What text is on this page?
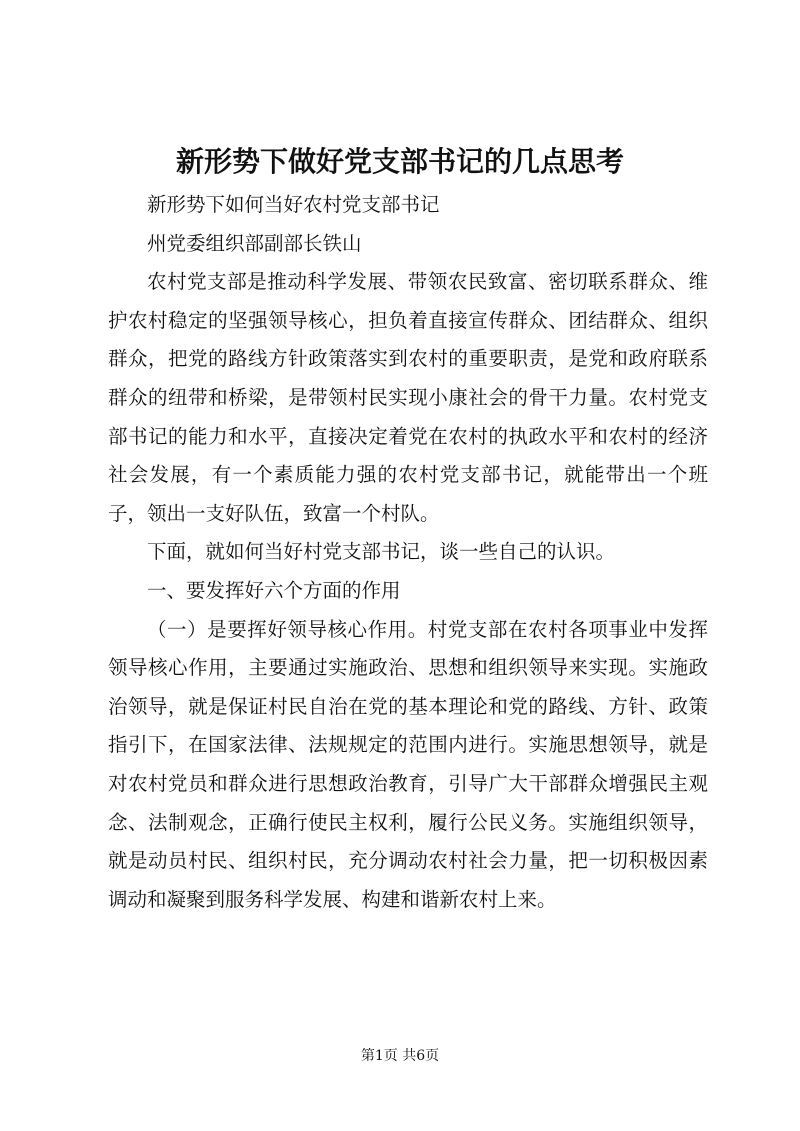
新形势下做好党支部书记的几点思考

新形势下如何当好农村党支部书记

州党委组织部副部长铁山

农村党支部是推动科学发展、带领农民致富、密切联系群众、维护农村稳定的坚强领导核心，担负着直接宣传群众、团结群众、组织群众，把党的路线方针政策落实到农村的重要职责，是党和政府联系群众的纽带和桥梁，是带领村民实现小康社会的骨干力量。农村党支部书记的能力和水平，直接决定着党在农村的执政水平和农村的经济社会发展，有一个素质能力强的农村党支部书记，就能带出一个班子，领出一支好队伍，致富一个村队。

下面，就如何当好村党支部书记，谈一些自己的认识。

一、要发挥好六个方面的作用

（一）是要挥好领导核心作用。村党支部在农村各项事业中发挥领导核心作用，主要通过实施政治、思想和组织领导来实现。实施政治领导，就是保证村民自治在党的基本理论和党的路线、方针、政策指引下，在国家法律、法规规定的范围内进行。实施思想领导，就是对农村党员和群众进行思想政治教育，引导广大干部群众增强民主观念、法制观念，正确行使民主权利，履行公民义务。实施组织领导，就是动员村民、组织村民，充分调动农村社会力量，把一切积极因素调动和凝聚到服务科学发展、构建和谐新农村上来。

第1页 共6页
